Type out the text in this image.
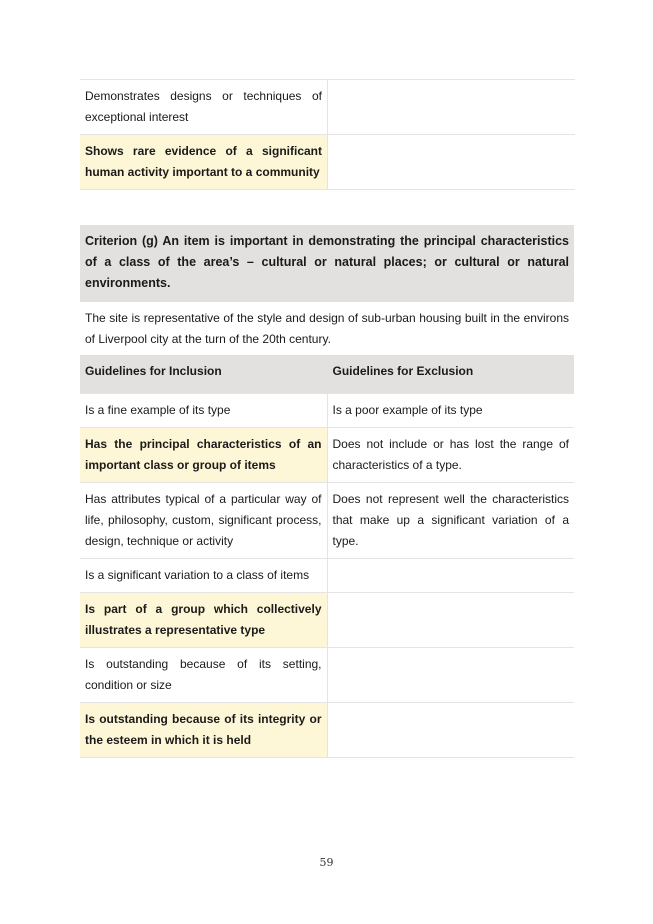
Demonstrates designs or techniques of exceptional interest	
Shows rare evidence of a significant human activity important to a community	
Criterion (g) An item is important in demonstrating the principal characteristics of a class of the area’s – cultural or natural places; or cultural or natural environments.	
The site is representative of the style and design of sub-urban housing built in the environs of Liverpool city at the turn of the 20th century.	
Guidelines for Inclusion	Guidelines for Exclusion
Is a fine example of its type	Is a poor example of its type
Has the principal characteristics of an important class or group of items	Does not include or has lost the range of characteristics of a type.
Has attributes typical of a particular way of life, philosophy, custom, significant process, design, technique or activity	Does not represent well the characteristics that make up a significant variation of a type.
Is a significant variation to a class of items	
Is part of a group which collectively illustrates a representative type	
Is outstanding because of its setting, condition or size	
Is outstanding because of its integrity or the esteem in which it is held	
59
